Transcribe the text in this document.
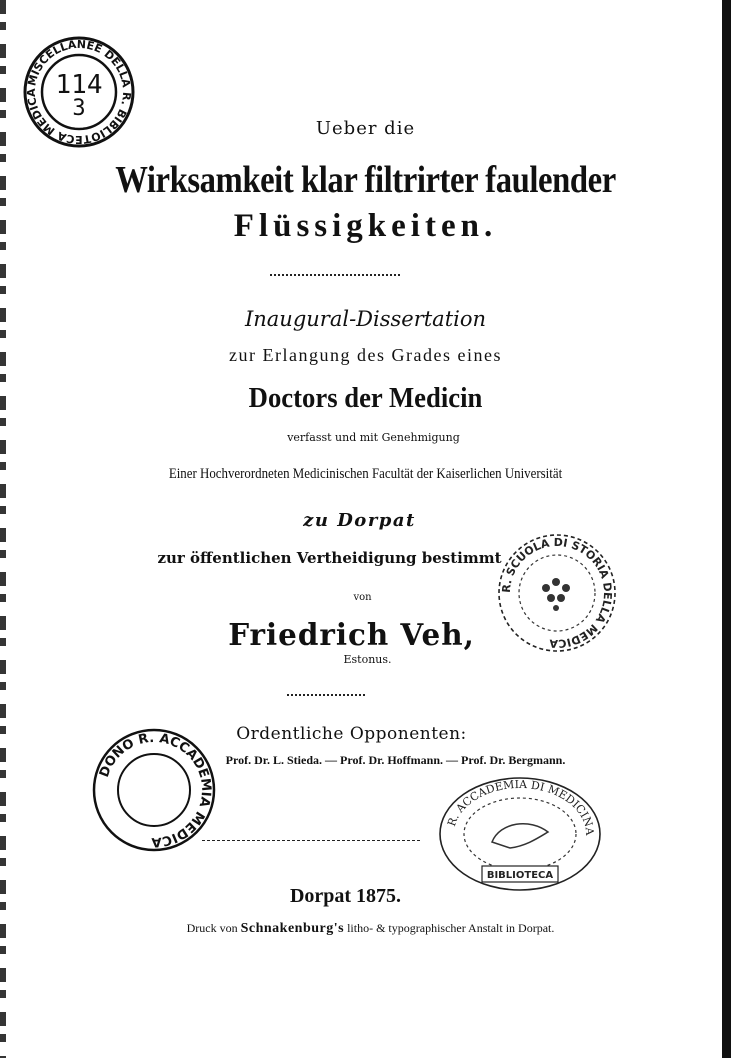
MISCELLANEE DELLA R. BIBLIOTECA MEDICA 114
3
Ueber die
Wirksamkeit klar filtrirter faulender
Flüssigkeiten.
Inaugural-Dissertation
zur Erlangung des Grades eines
Doctors der Medicin
verfasst und mit Genehmigung
Einer Hochverordneten Medicinischen Facultät der Kaiserlichen Universität
zu Dorpat
zur öffentlichen Vertheidigung bestimmt
R. SCUOLA DI STORIA DELLA MEDICA
von
Friedrich Veh,
Estonus.
Ordentliche Opponenten:
Prof. Dr. L. Stieda. — Prof. Dr. Hoffmann. — Prof. Dr. Bergmann.
DONO R. ACCADEMIA MEDICA
R. ACCADEMIA DI MEDICINA
BIBLIOTECA
Dorpat 1875.
Druck von Schnakenburg's litho- & typographischer Anstalt in Dorpat.
